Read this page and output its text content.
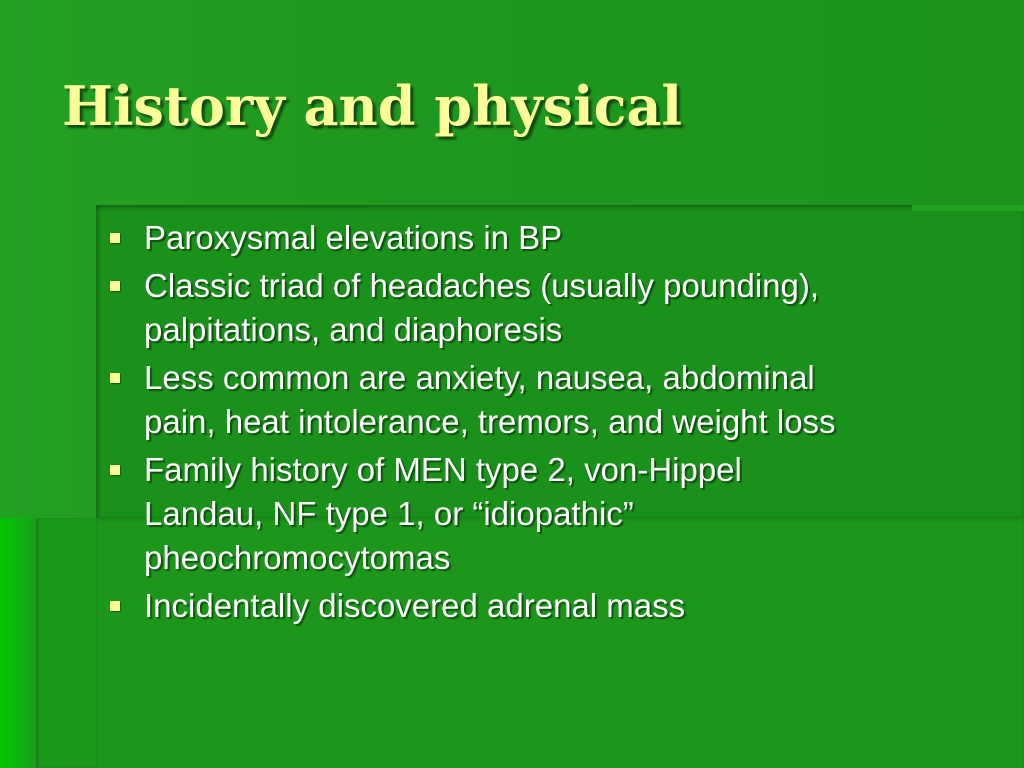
History and physical
Paroxysmal elevations in BP
Classic triad of headaches (usually pounding),
palpitations, and diaphoresis
Less common are anxiety, nausea, abdominal
pain, heat intolerance, tremors, and weight loss
Family history of MEN type 2, von-Hippel
Landau, NF type 1, or “idiopathic”
pheochromocytomas
Incidentally discovered adrenal mass
